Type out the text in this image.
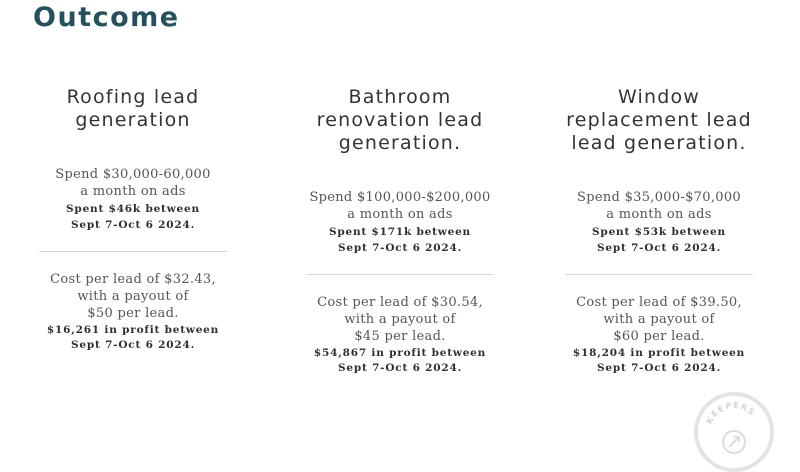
Outcome
Roofing lead
generation
Spend $30,000-60,000
a month on ads
Spent $46k between
Sept 7-Oct 6 2024.
Cost per lead of $32.43,
with a payout of
$50 per lead.
$16,261 in profit between
Sept 7-Oct 6 2024.
Bathroom
renovation lead
generation.
Spend $100,000-$200,000
a month on ads
Spent $171k between
Sept 7-Oct 6 2024.
Cost per lead of $30.54,
with a payout of
$45 per lead.
$54,867 in profit between
Sept 7-Oct 6 2024.
Window
replacement lead
lead generation.
Spend $35,000-$70,000
a month on ads
Spent $53k between
Sept 7-Oct 6 2024.
Cost per lead of $39.50,
with a payout of
$60 per lead.
$18,204 in profit between
Sept 7-Oct 6 2024.
KEEPERS
